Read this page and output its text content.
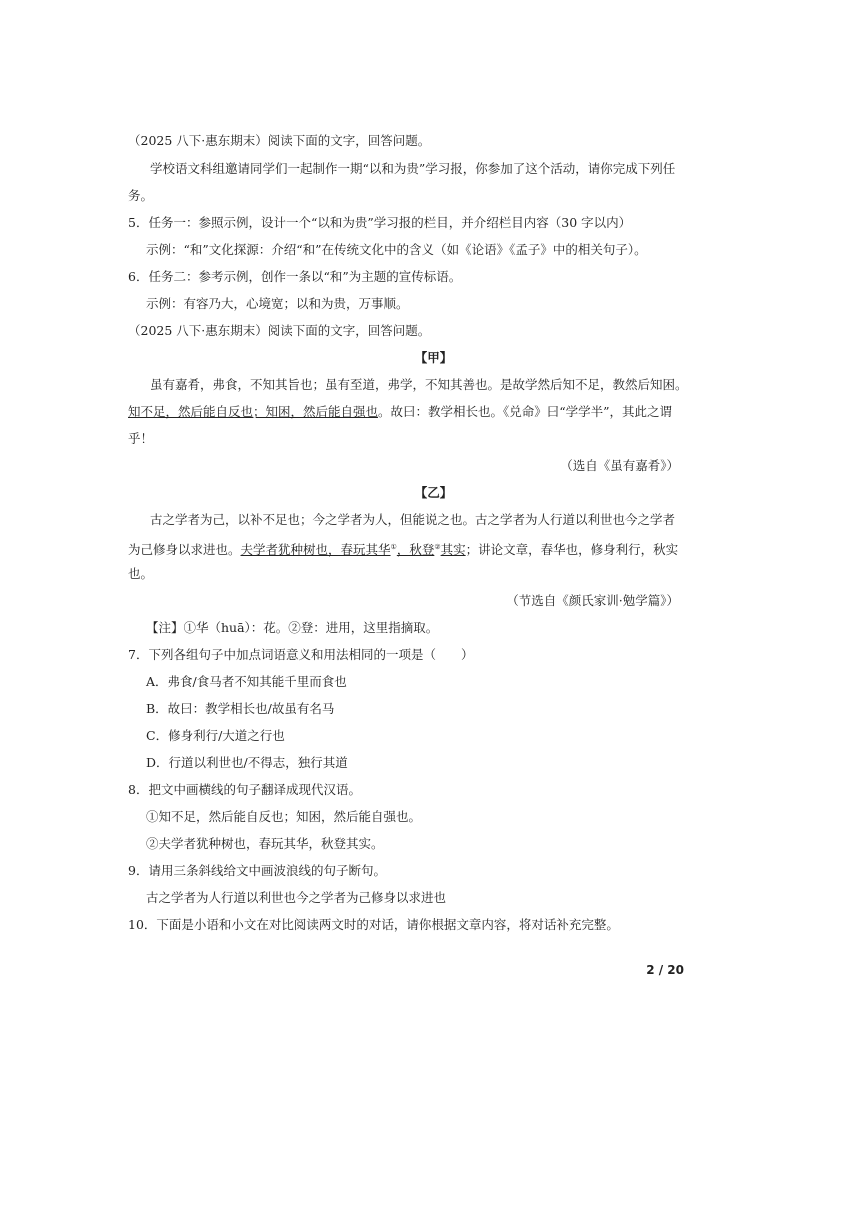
（2025 八下·惠东期末）阅读下面的文字，回答问题。
学校语文科组邀请同学们一起制作一期“以和为贵”学习报，你参加了这个活动，请你完成下列任
务。
5．任务一：参照示例，设计一个“以和为贵”学习报的栏目，并介绍栏目内容（30 字以内）
示例：“和”文化探源：介绍“和”在传统文化中的含义（如《论语》《孟子》中的相关句子）。
6．任务二：参考示例，创作一条以“和”为主题的宣传标语。
示例：有容乃大，心境宽；以和为贵，万事顺。
（2025 八下·惠东期末）阅读下面的文字，回答问题。
【甲】
虽有嘉肴，弗食，不知其旨也；虽有至道，弗学，不知其善也。是故学然后知不足，教然后知困。
知不足，然后能自反也；知困，然后能自强也。故曰：教学相长也。《兑命》曰“学学半”，其此之谓
乎！
（选自《虽有嘉肴》）
【乙】
古之学者为己，以补不足也；今之学者为人，但能说之也。古之学者为人行道以利世也今之学者
为己修身以求进也。夫学者犹种树也，春玩其华①，秋登②其实；讲论文章，春华也，修身利行，秋实
也。
（节选自《颜氏家训·勉学篇》）
【注】①华（huā）：花。②登：进用，这里指摘取。
7．下列各组句子中加点词语意义和用法相同的一项是（　　）
A．弗食/食马者不知其能千里而食也
B．故曰：教学相长也/故虽有名马
C．修身利行/大道之行也
D．行道以利世也/不得志，独行其道
8．把文中画横线的句子翻译成现代汉语。
①知不足，然后能自反也；知困，然后能自强也。
②夫学者犹种树也，春玩其华，秋登其实。
9．请用三条斜线给文中画波浪线的句子断句。
古之学者为人行道以利世也今之学者为己修身以求进也
10．下面是小语和小文在对比阅读两文时的对话，请你根据文章内容，将对话补充完整。
2 / 20
